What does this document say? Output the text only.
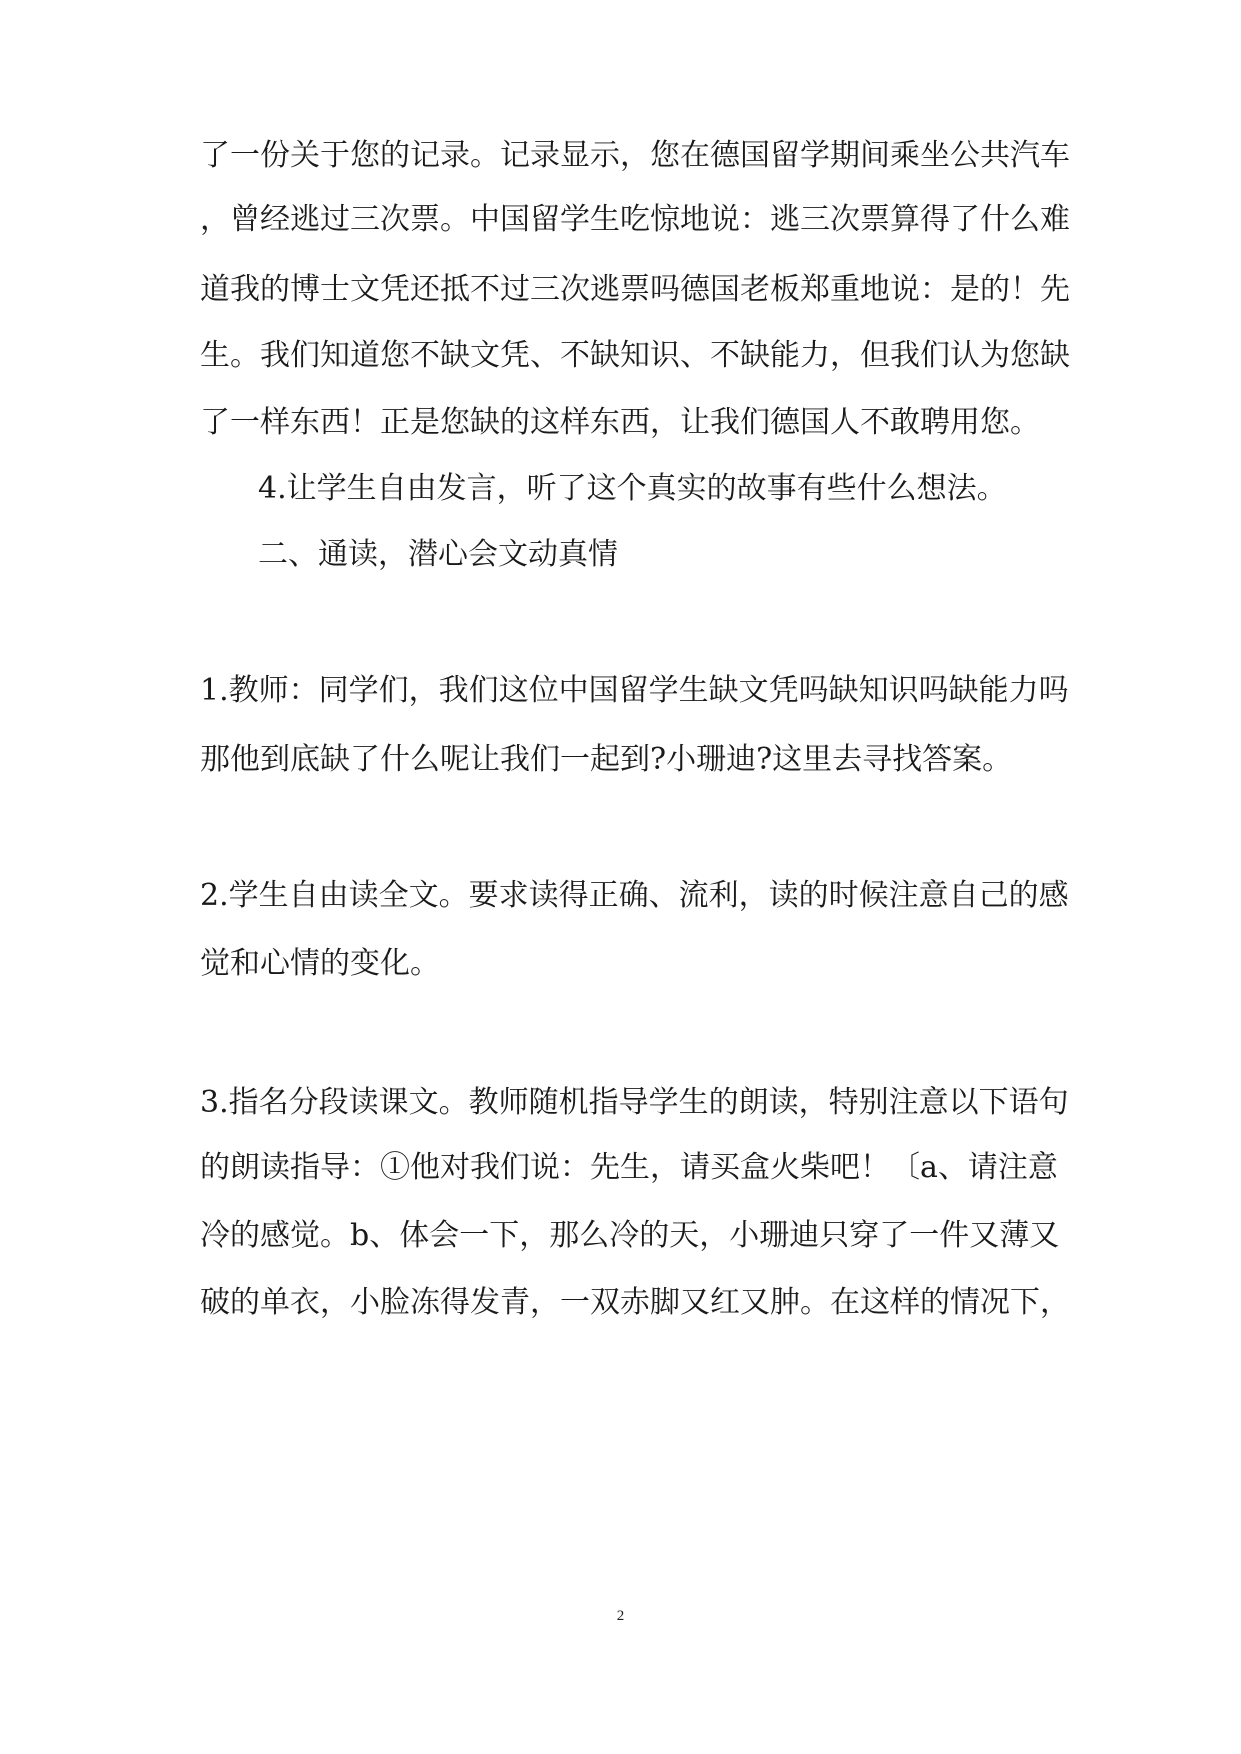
了一份关于您的记录。记录显示，您在德国留学期间乘坐公共汽车
，曾经逃过三次票。中国留学生吃惊地说：逃三次票算得了什么难
道我的博士文凭还抵不过三次逃票吗德国老板郑重地说：是的！先
生。我们知道您不缺文凭、不缺知识、不缺能力，但我们认为您缺
了一样东西！正是您缺的这样东西，让我们德国人不敢聘用您。
4.让学生自由发言，听了这个真实的故事有些什么想法。
二、通读，潜心会文动真情
1.教师：同学们，我们这位中国留学生缺文凭吗缺知识吗缺能力吗
那他到底缺了什么呢让我们一起到?小珊迪?这里去寻找答案。
2.学生自由读全文。要求读得正确、流利，读的时候注意自己的感
觉和心情的变化。
3.指名分段读课文。教师随机指导学生的朗读，特别注意以下语句
的朗读指导：①他对我们说：先生，请买盒火柴吧！〔a、请注意
冷的感觉。b、体会一下，那么冷的天，小珊迪只穿了一件又薄又
破的单衣，小脸冻得发青，一双赤脚又红又肿。在这样的情况下，
2
